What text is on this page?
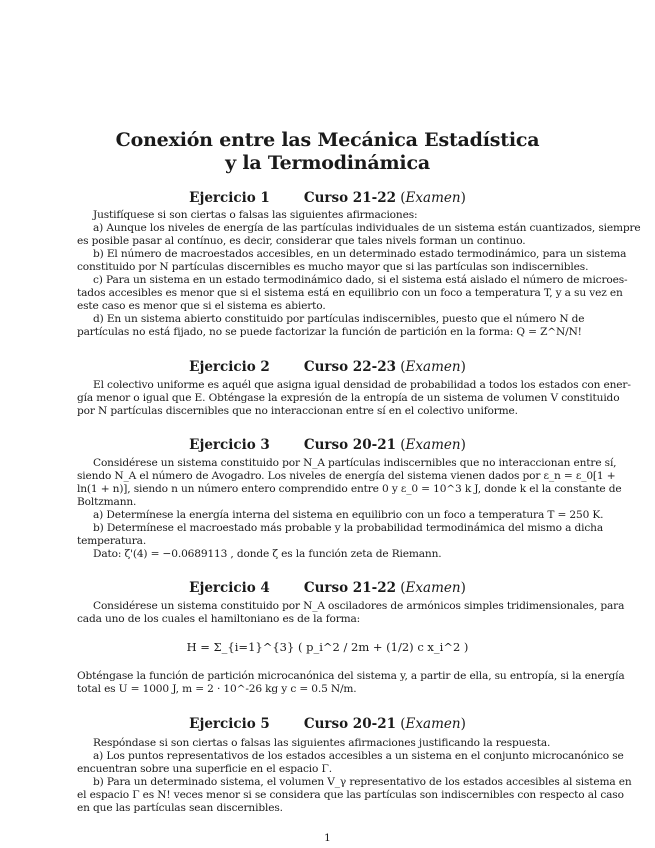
Conexión entre las Mecánica Estadística
y la Termodinámica
Ejercicio 1	Curso 21-22 (Examen)
Justifíquese si son ciertas o falsas las siguientes afirmaciones:
a) Aunque los niveles de energía de las partículas individuales de un sistema están cuantizados, siempre
es posible pasar al contínuo, es decir, considerar que tales nivels forman un continuo.
b) El número de macroestados accesibles, en un determinado estado termodinámico, para un sistema
constituido por N partículas discernibles es mucho mayor que si las partículas son indiscernibles.
c) Para un sistema en un estado termodinámico dado, si el sistema está aislado el número de microes-
tados accesibles es menor que si el sistema está en equilibrio con un foco a temperatura T, y a su vez en
este caso es menor que si el sistema es abierto.
d) En un sistema abierto constituido por partículas indiscernibles, puesto que el número N de
partículas no está fijado, no se puede factorizar la función de partición en la forma: Q = Z^N/N!
Ejercicio 2	Curso 22-23 (Examen)
El colectivo uniforme es aquél que asigna igual densidad de probabilidad a todos los estados con ener-
gía menor o igual que E. Obténgase la expresión de la entropía de un sistema de volumen V constituido
por N partículas discernibles que no interaccionan entre sí en el colectivo uniforme.
Ejercicio 3	Curso 20-21 (Examen)
Considérese un sistema constituido por N_A partículas indiscernibles que no interaccionan entre sí,
siendo N_A el número de Avogadro. Los niveles de energía del sistema vienen dados por ε_n = ε_0[1 +
ln(1 + n)], siendo n un número entero comprendido entre 0 y ε_0 = 10^3 k J, donde k el la constante de
Boltzmann.
a) Determínese la energía interna del sistema en equilibrio con un foco a temperatura T = 250 K.
b) Determínese el macroestado más probable y la probabilidad termodinámica del mismo a dicha
temperatura.
Dato: ζ'(4) = −0.0689113 , donde ζ es la función zeta de Riemann.
Ejercicio 4	Curso 21-22 (Examen)
Considérese un sistema constituido por N_A osciladores de armónicos simples tridimensionales, para
cada uno de los cuales el hamiltoniano es de la forma:
H = Σ_{i=1}^{3} ( p_i^2 / 2m + (1/2) c x_i^2 )
Obténgase la función de partición microcanónica del sistema y, a partir de ella, su entropía, si la energía
total es U = 1000 J, m = 2 · 10^-26 kg y c = 0.5 N/m.
Ejercicio 5	Curso 20-21 (Examen)
Respóndase si son ciertas o falsas las siguientes afirmaciones justificando la respuesta.
a) Los puntos representativos de los estados accesibles a un sistema en el conjunto microcanónico se
encuentran sobre una superficie en el espacio Γ.
b) Para un determinado sistema, el volumen V_γ representativo de los estados accesibles al sistema en
el espacio Γ es N! veces menor si se considera que las partículas son indiscernibles con respecto al caso
en que las partículas sean discernibles.
1
